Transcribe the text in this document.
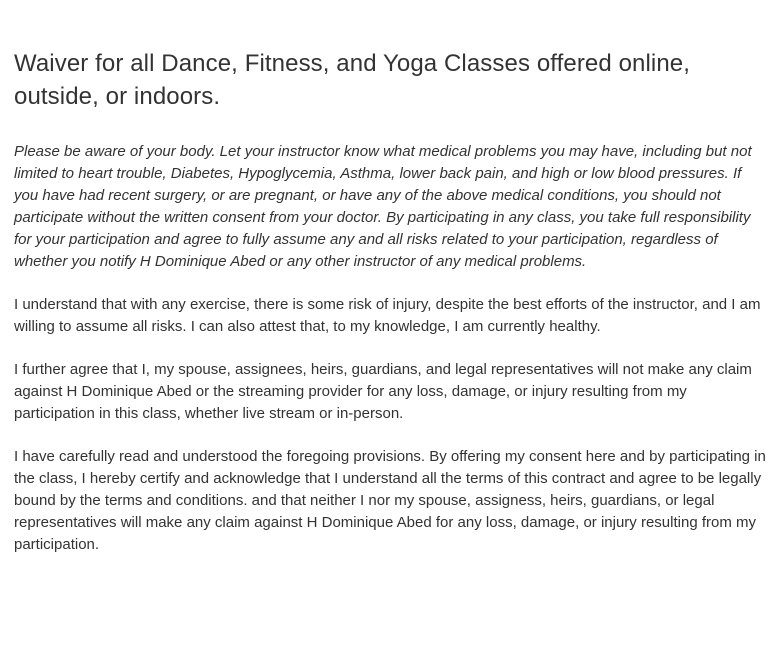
Waiver for all Dance, Fitness, and Yoga Classes offered online, outside, or indoors.

Please be aware of your body. Let your instructor know what medical problems you may have, including but not limited to heart trouble, Diabetes, Hypoglycemia, Asthma, lower back pain, and high or low blood pressures. If you have had recent surgery, or are pregnant, or have any of the above medical conditions, you should not participate without the written consent from your doctor. By participating in any class, you take full responsibility for your participation and agree to fully assume any and all risks related to your participation, regardless of whether you notify H Dominique Abed or any other instructor of any medical problems.

I understand that with any exercise, there is some risk of injury, despite the best efforts of the instructor, and I am willing to assume all risks. I can also attest that, to my knowledge, I am currently healthy.

I further agree that I, my spouse, assignees, heirs, guardians, and legal representatives will not make any claim against H Dominique Abed or the streaming provider for any loss, damage, or injury resulting from my participation in this class, whether live stream or in-person.

I have carefully read and understood the foregoing provisions. By offering my consent here and by participating in the class, I hereby certify and acknowledge that I understand all the terms of this contract and agree to be legally bound by the terms and conditions. and that neither I nor my spouse, assigness, heirs, guardians, or legal representatives will make any claim against H Dominique Abed for any loss, damage, or injury resulting from my participation.
